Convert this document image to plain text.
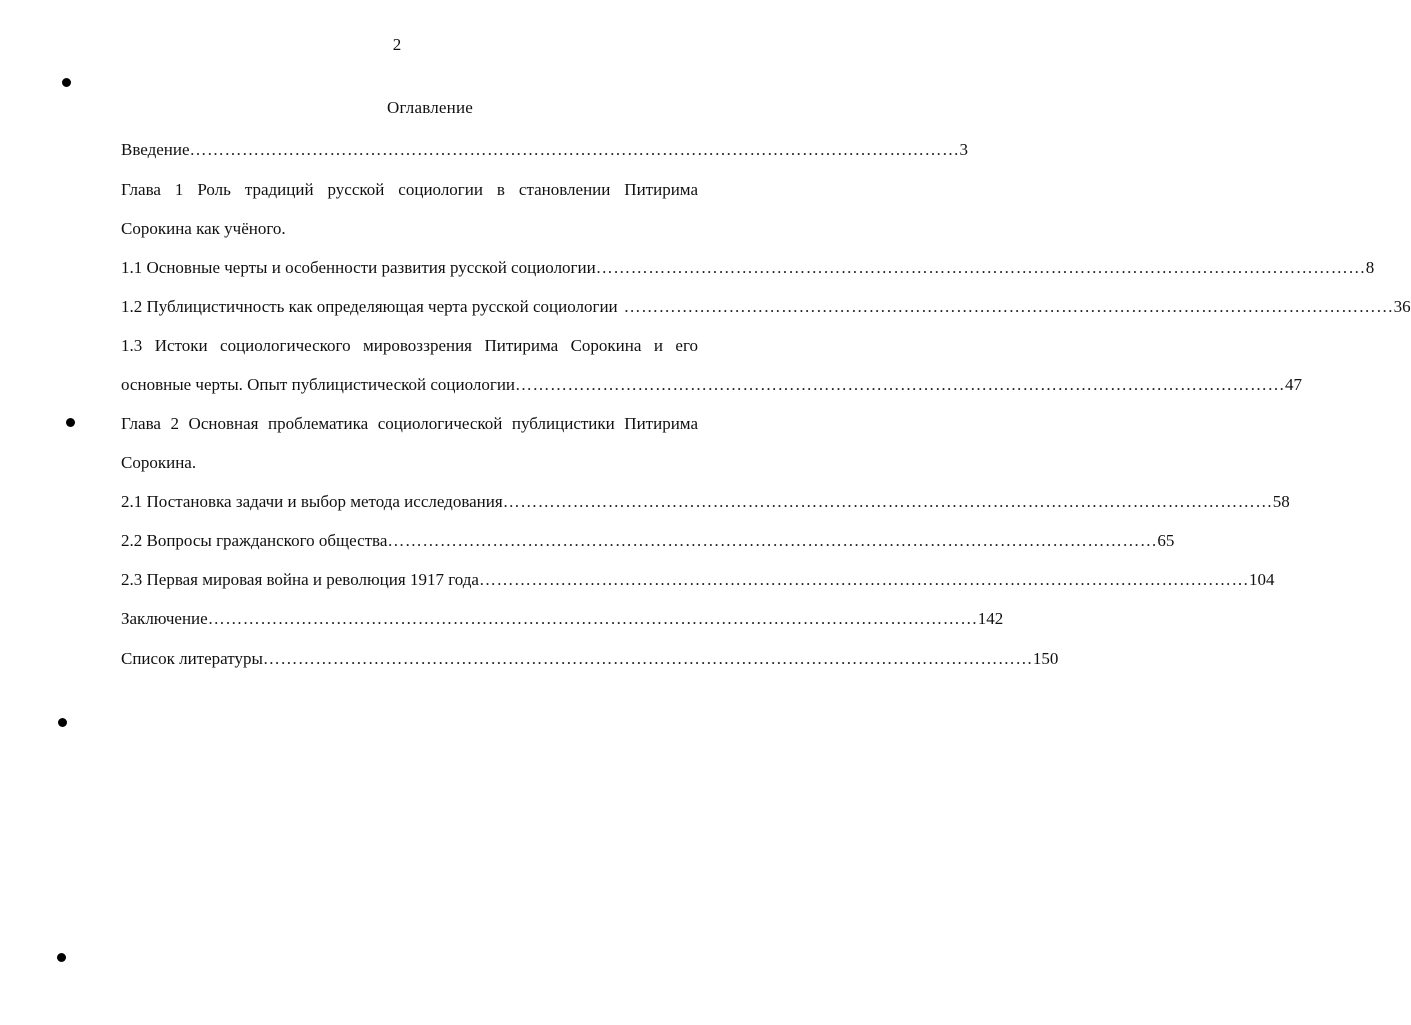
2
Оглавление
Введение …………………………………………………………………………………………………………………… 3
Глава 1 Роль традиций русской социологии в становлении Питирима
Сорокина как учёного.
1.1 Основные черты и особенности развития русской социологии …………………………………………………………………………………………………………………… 8
1.2 Публицистичность как определяющая черта русской социологии …………………………………………………………………………………………………………………… 36
1.3 Истоки социологического мировоззрения Питирима Сорокина и его
основные черты. Опыт публицистической социологии …………………………………………………………………………………………………………………… 47
Глава 2 Основная проблематика социологической публицистики Питирима
Сорокина.
2.1 Постановка задачи и выбор метода исследования …………………………………………………………………………………………………………………… 58
2.2 Вопросы гражданского общества …………………………………………………………………………………………………………………… 65
2.3 Первая мировая война и революция 1917 года …………………………………………………………………………………………………………………… 104
Заключение …………………………………………………………………………………………………………………… 142
Список литературы …………………………………………………………………………………………………………………… 150
